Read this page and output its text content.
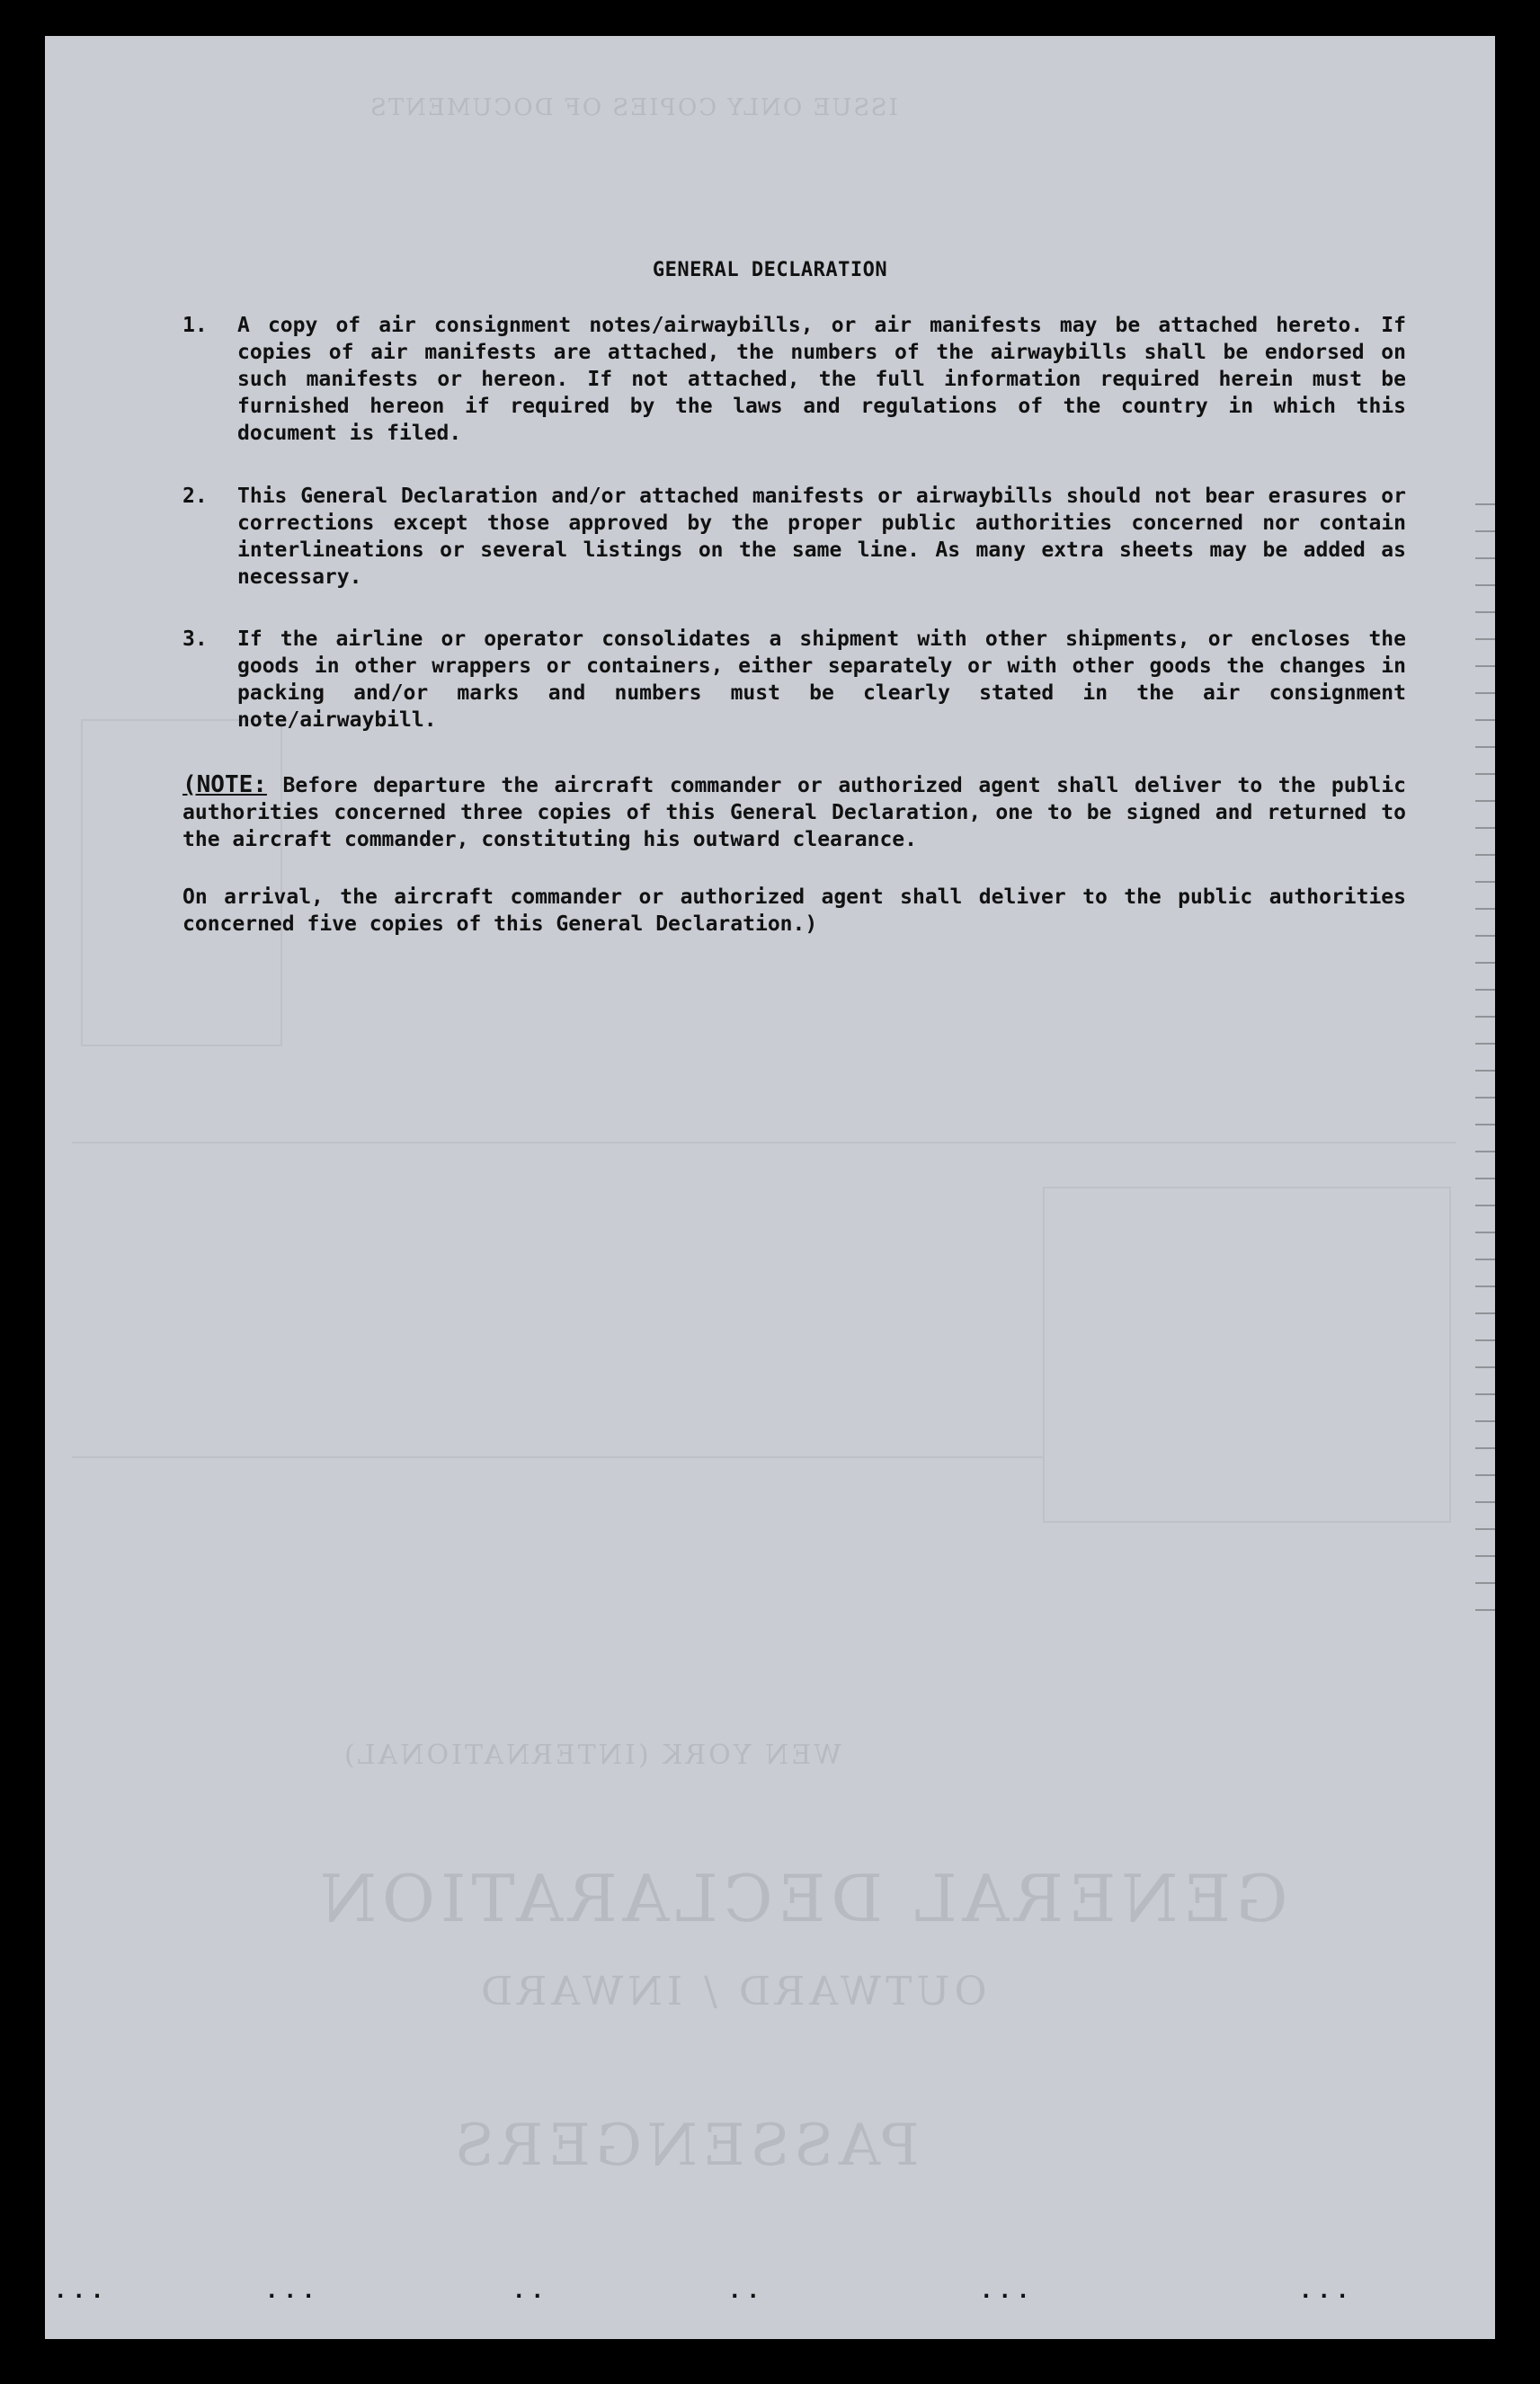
ISSUE ONLY COPIES OF DOCUMENTS
WEN YORK (INTERNATIONAL)
GENERAL DECLARATION
OUTWARD / INWARD
PASSENGERS
GENERAL DECLARATION
1. A copy of air consignment notes/airwaybills, or air manifests may be attached hereto. If copies of air manifests are attached, the numbers of the airwaybills shall be endorsed on such manifests or hereon. If not attached, the full information required herein must be furnished hereon if required by the laws and regulations of the country in which this document is filed.
2. This General Declaration and/or attached manifests or airwaybills should not bear erasures or corrections except those approved by the proper public authorities concerned nor contain interlineations or several listings on the same line. As many extra sheets may be added as necessary.
3. If the airline or operator consolidates a shipment with other shipments, or encloses the goods in other wrappers or containers, either separately or with other goods the changes in packing and/or marks and numbers must be clearly stated in the air consignment note/airwaybill.
(NOTE: Before departure the aircraft commander or authorized agent shall deliver to the public authorities concerned three copies of this General Declaration, one to be signed and returned to the aircraft commander, constituting his outward clearance.
On arrival, the aircraft commander or authorized agent shall deliver to the public authorities concerned five copies of this General Declaration.)
···	···	··	··	···	···
